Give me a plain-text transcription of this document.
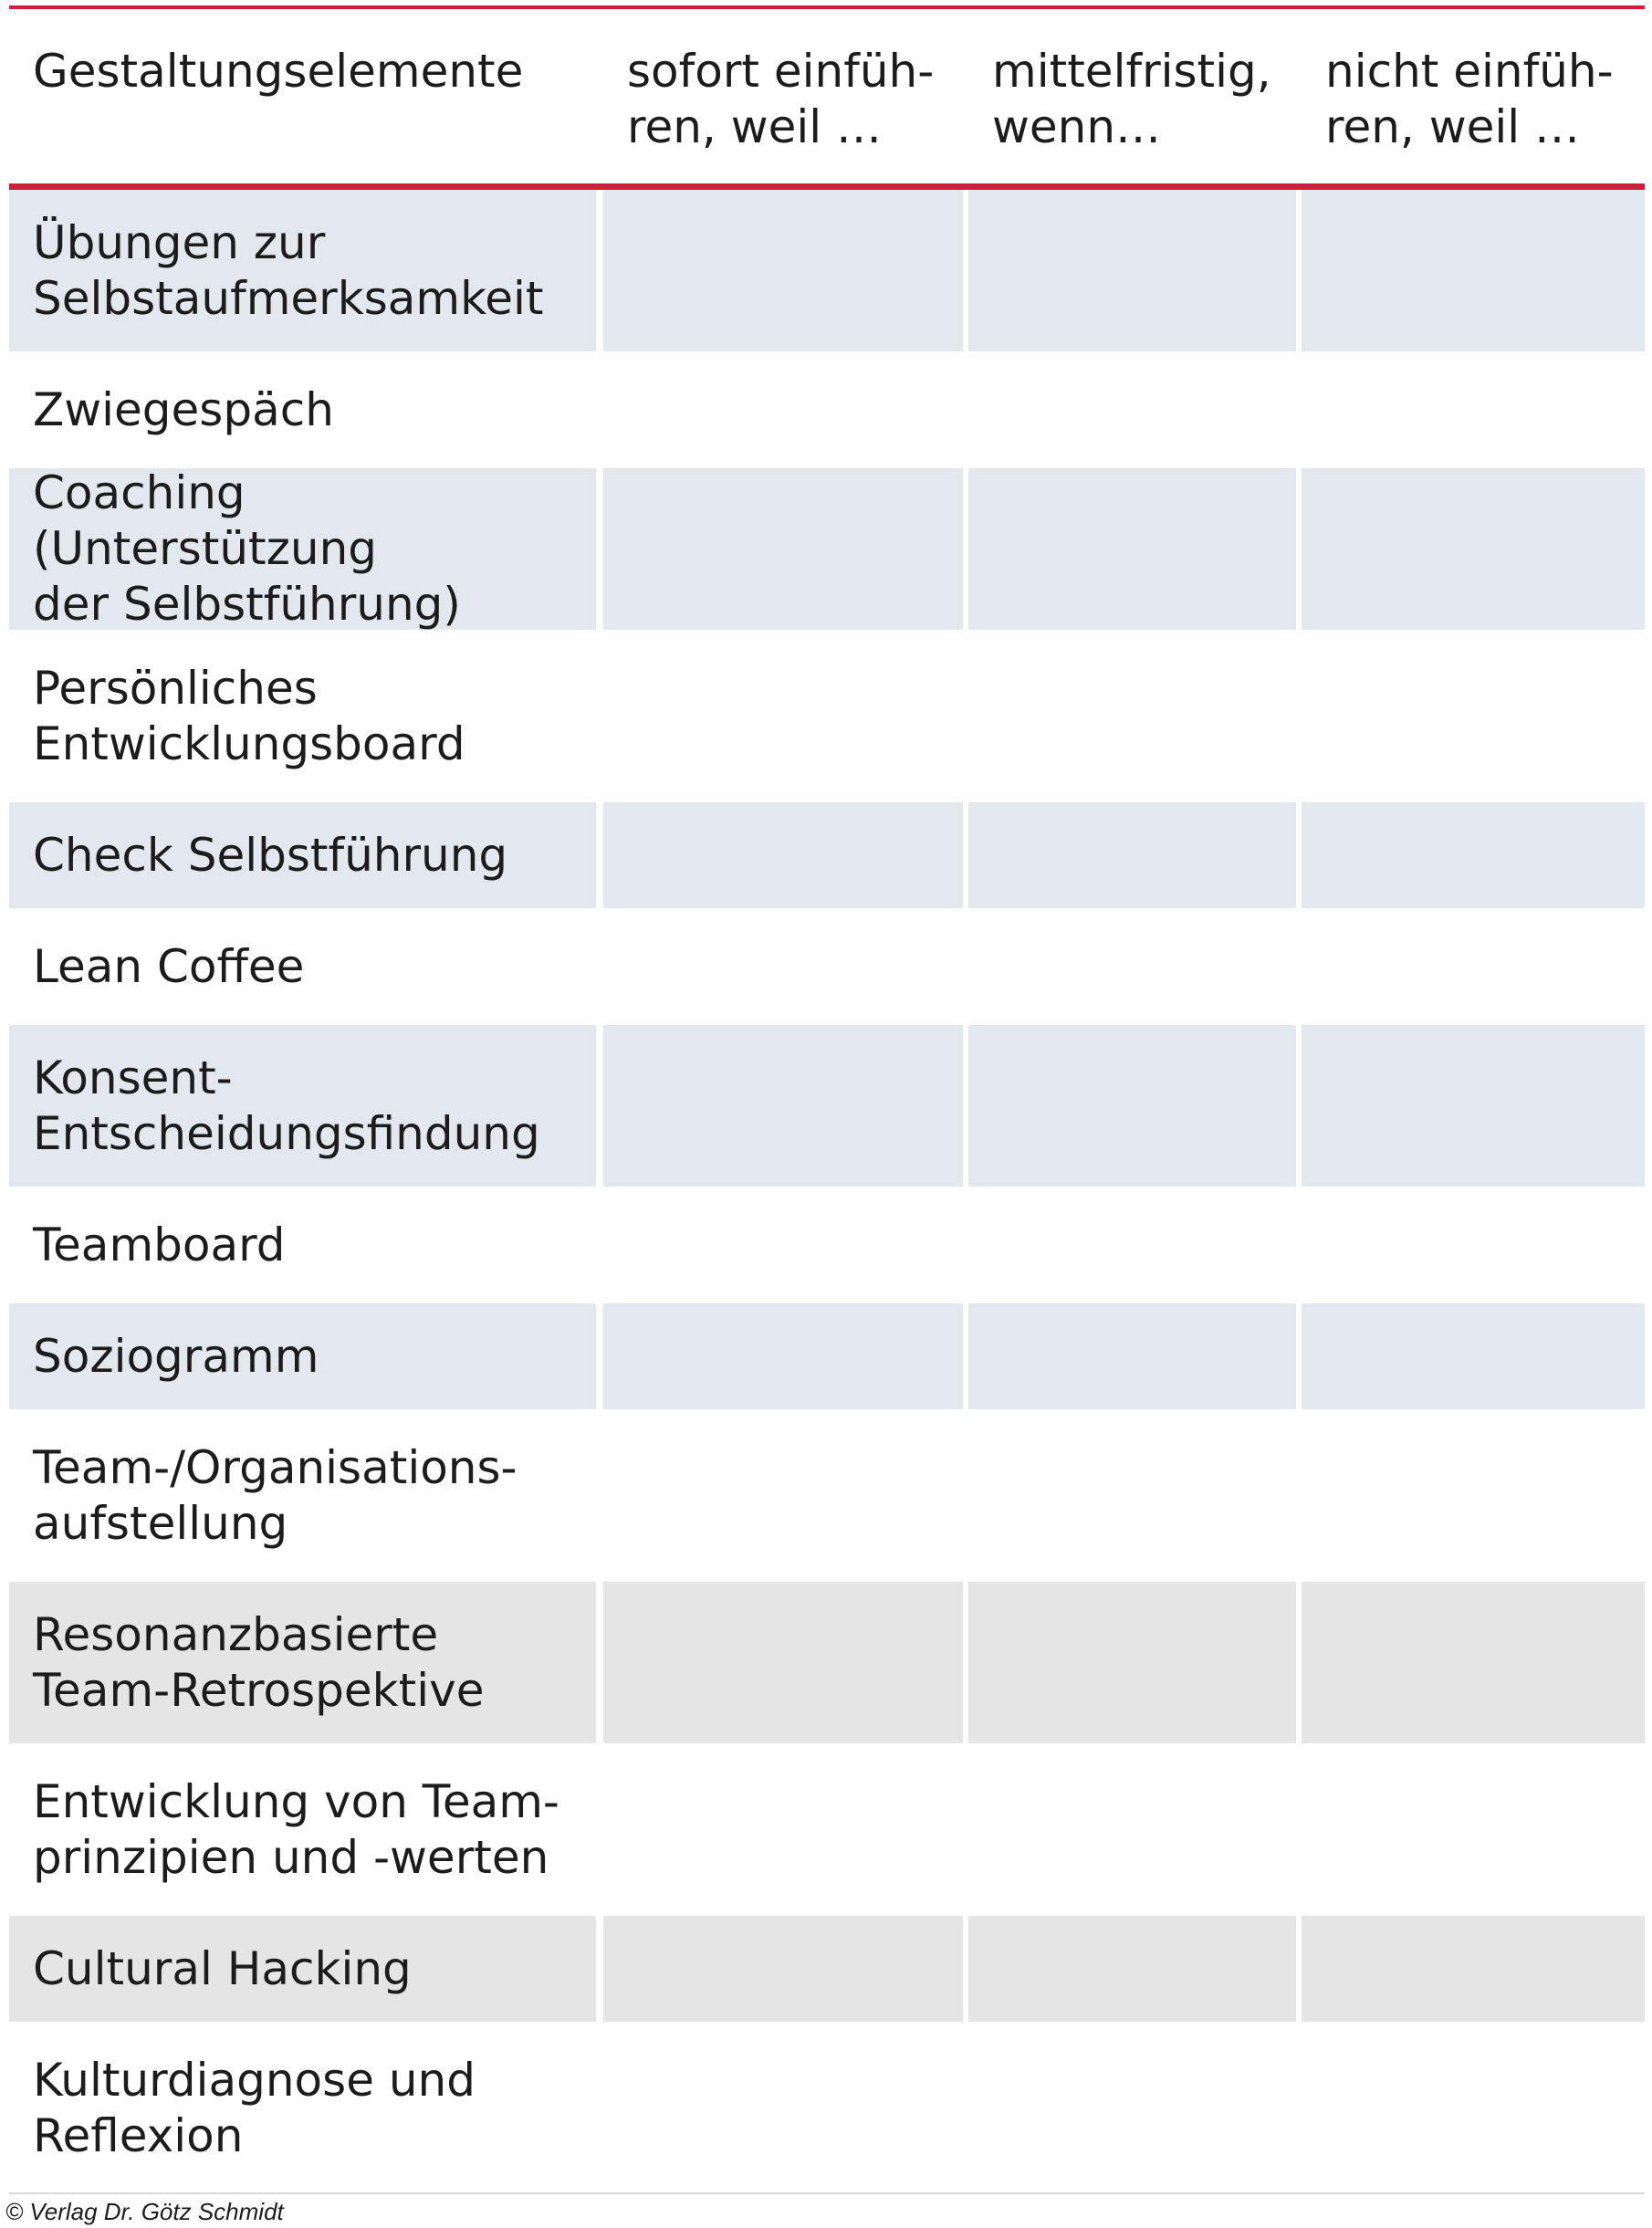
Gestaltungselemente sofort einfüh-
ren, weil …
mittelfristig,
wenn…
nicht einfüh-
ren, weil …
Übungen zur
Selbstaufmerksamkeit
Zwiegespäch
Coaching (Unterstützung
der Selbstführung)
Persönliches
Entwicklungsboard
Check Selbstführung
Lean Coffee
Konsent-
Entscheidungsfindung
Teamboard
Soziogramm
Team-/Organisations-
aufstellung
Resonanzbasierte
Team-Retrospektive
Entwicklung von Team-
prinzipien und -werten
Cultural Hacking
Kulturdiagnose und
Reflexion
© Verlag Dr. Götz Schmidt
